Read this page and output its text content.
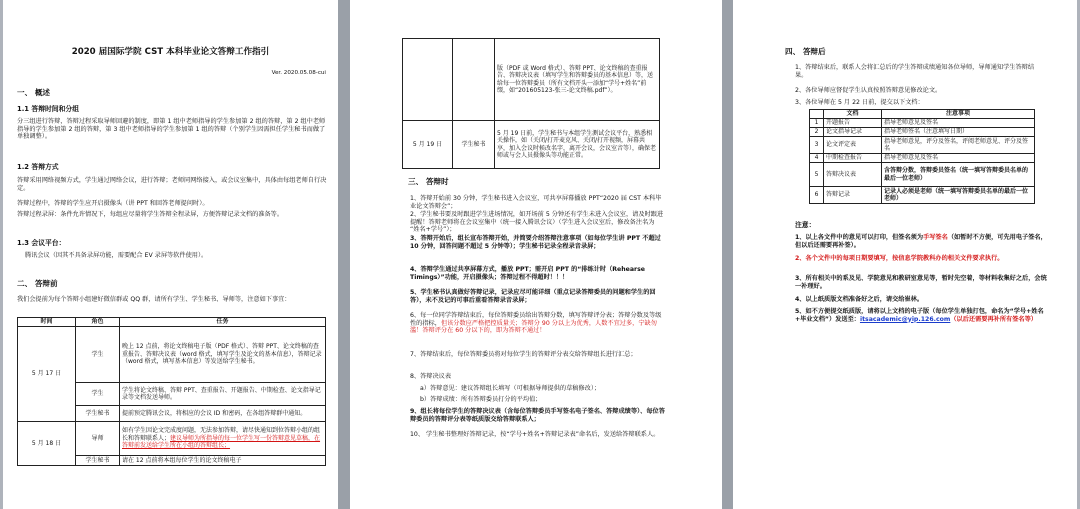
2020 届国际学院 CST 本科毕业论文答辩工作指引
Ver. 2020.05.08-cui
一、 概述
1.1 答辩时间和分组
分三组进行答辩，答辩过程采取导师回避的制度，即第 1 组中老师指导的学生参加第 2 组的答辩，第 2 组中老师指导的学生参加第 2 组的答辩，第 3 组中老师指导的学生参加第 1 组的答辩（个别学生因需担任学生秘书而做了单独调整）。
1.2 答辩方式
答辩采用网络视频方式，学生通过网络会议，进行答辩；老师同网络接入，或会议室集中，具体由每组老师自行决定。
答辩过程中，答辩的学生应开启摄像头（讲 PPT 和回答老师提问时）。
答辩过程录屏：条件允许情况下，每组应尽量将学生答辩全程录屏，方便答辩记录文档的准备等。
1.3 会议平台：
腾讯会议（因其不具备录屏功能，需要配合 EV 录屏等软件使用）。
二、 答辩前
我们会提前为每个答辩小组建好微信群或 QQ 群，请所有学生、学生秘书、导师等，注意如下事宜：
时间	角色	任务
5 月 17 日	学生	晚上 12 点前，将论文终稿电子版（PDF 格式）、答辩 PPT、论文终稿的查重报告、答辩决议表（word 格式，填写学生及论文的基本信息），答辩记录（word 格式，填写基本信息）等发送给学生秘书。
	学生	学生将论文终稿、答辩 PPT、查重报告、开题报告、中期检查、论文指导记录等文档发送导师。
	学生秘书	提前预定腾讯会议，将相应的会议 ID 和密码，在各组答辩群中通知。
5 月 18 日	导师	如有学生因论文完成度问题，无法参加答辩，请尽快通知到位答辩小组的组长和答辩联系人；建议导师为所指导的每一位学生写一份答辩意见草稿，在答辩前发送给学生所在小组的答辩组长；
	学生秘书	请在 12 点前将本组每位学生的论文终稿电子
		版（PDF 或 Word 格式）、答辩 PPT、论文终稿的查重报告、答辩决议表（填写学生和答辩委员的基本信息）等，送给每一位答辩委员（所有文档开头一添加“学号+姓名”前缀，如“201605123-张三-论文终稿.pdf”）。
5 月 19 日	学生秘书	5 月 19 日前，学生秘书与本组学生测试会议平台，熟悉相关操作，如（关闭/打开麦克风、关闭/打开视频，屏幕共享，加入会议时候改名字，离开会议，会议室音等），确保老师或与会人员摄像头等功能正常。
三、 答辩时
1、答辩开始前 30 分钟，学生秘书进入会议室，可共享屏幕播放 PPT“2020 届 CST 本科毕业论文答辩会”；
2、学生秘书要及时跟进学生进场情况，如开场前 5 分钟还有学生未进入会议室，请及时跟进提醒！答辩老师将在会议室集中（统一接入腾讯会议）（学生进入会议室后，修改备注名为 “姓名+学号”）；
3、答辩开始后，组长宣布答辩开始，并简要介绍答辩注意事项（如每位学生讲 PPT 不超过 10 分钟，回答问题不超过 5 分钟等）；学生秘书记录全程录音录屏；
4、答辩学生通过共享屏幕方式，播放 PPT；需开启 PPT 的“排练计时（Rehearse Timings）”功能，开启摄像头；答辩过程不得超时！！！
5、学生秘书认真做好答辩记录，记录应尽可能详细（重点记录答辩委员的问题和学生的回答），未不及记的可事后重看答辩录音录屏；
6、每一位同学答辩结束后，每位答辩委员给出答辩分数，填写答辩评分表；答辩分数及等级性的指标，但该分数应严格把控质量关；答辩分 90 分以上为优秀，人数不宜过多，宁缺勿滥！答辩评分在 60 分以下的，即为答辩不通过！
7、答辩结束后，每位答辩委员将对每位学生的答辩评分表交给答辩组长进行汇总；
8、答辩决议表
a）答辩意见：建议答辩组长填写（可根据导师提供的草稿修改）；
b）答辩成绩：所有答辩委员打分的平均值；
9、组长将每位学生的答辩决议表（含每位答辩委员手写签名电子签名、答辩成绩等）、每位答辩委员的答辩评分表等纸质版交给答辩联系人；
10、 学生秘书整理好答辩记录，按“学号+姓名+答辩记录表”命名后，发送给答辩联系人。
四、 答辩后
1、答辩结束后，联系人会将汇总后的学生答辩成绩通知各位导师，导师通知学生答辩结果。
2、各位导师应督促学生认真按照答辩意见修改论文。
3、各位导师在 5 月 22 日前，提交以下文档：
	文档	注意事项
1	开题报告	指导老师意见及签名
2	论文指导记录	指导老师签名（注意填写日期）
3	论文评定表	指导老师意见，评分及签名，评阅老师意见、评分及签名
4	中期检查报告	指导老师意见及签名
5	答辩决议表	含答辩分数，答辩委员签名（统一填写答辩委员名单的最后一位老师）
6	答辩记录	记录人必须是老师（统一填写答辩委员名单的最后一位老师）
注意：
1、以上各文件中的意见可以打印，但签名须为手写签名（如暂时不方便，可先用电子签名，但以后还需要再补签）。
2、各个文件中的每项日期要填写，按信息学院教科办的相关文件要求执行。
3、所有相关中的系及见、学院意见和教研室意见等，暂时先空着，等材料收集好之后，会统一补理好。
4、以上纸质版文档准备好之后，请交给崔林。
5、如不方便提交纸质版，请将以上文档的电子版（每位学生单独打包，命名为“学号+姓名+毕业文档”）发送至：itsacademic@yip.126.com（以后还需要再补所有签名等）
